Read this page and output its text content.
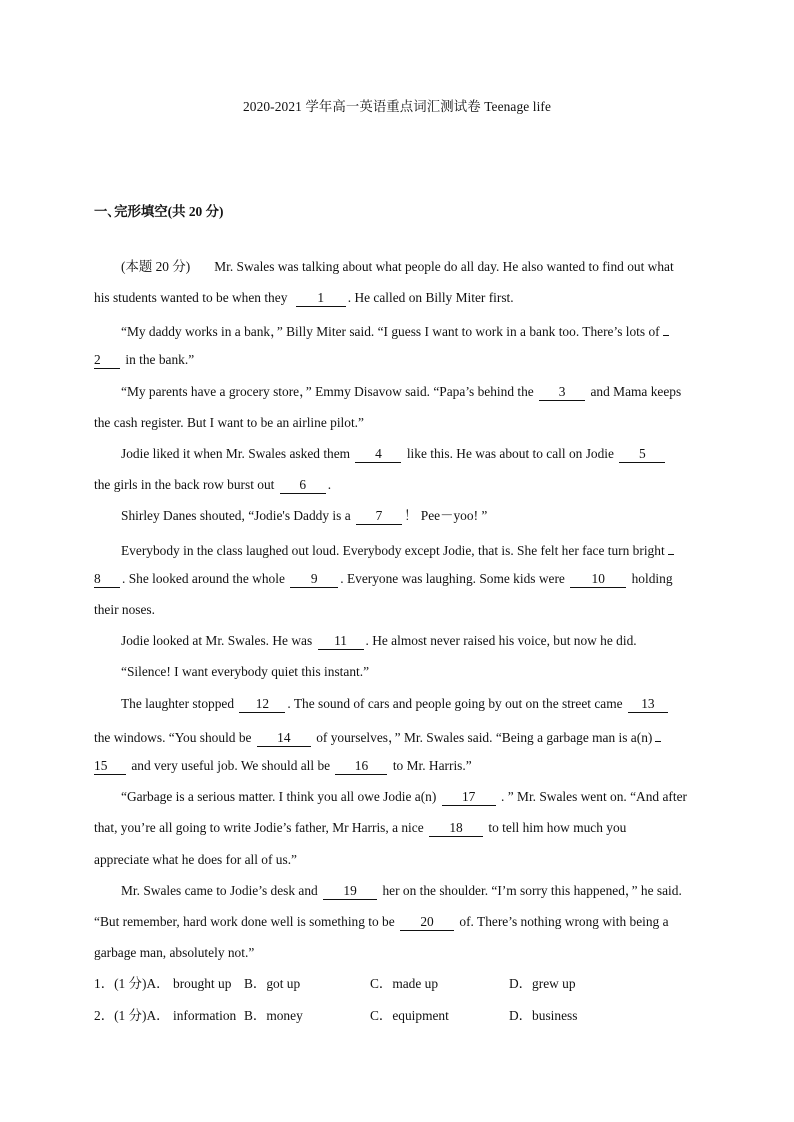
2020-2021 学年高一英语重点词汇测试卷 Teenage life
一､完形填空(共 20 分)
(本题 20 分) Mr. Swales was talking about what people do all day. He also wanted to find out what
his students wanted to be when they 1 . He called on Billy Miter first.
“My daddy works in a bank，” Billy Miter said. “I guess I want to work in a bank too. There’s lots of
2 in the bank.”
“My parents have a grocery store，” Emmy Disavow said. “Papa’s behind the 3 and Mama keeps
the cash register. But I want to be an airline pilot.”
Jodie liked it when Mr. Swales asked them 4 like this. He was about to call on Jodie 5
the girls in the back row burst out 6 .
Shirley Danes shouted, “Jodie's Daddy is a 7 ！ Pee－yoo! ”
Everybody in the class laughed out loud. Everybody except Jodie, that is. She felt her face turn bright
8 . She looked around the whole 9 . Everyone was laughing. Some kids were 10 holding
their noses.
Jodie looked at Mr. Swales. He was 11 . He almost never raised his voice, but now he did.
“Silence! I want everybody quiet this instant.”
The laughter stopped 12 . The sound of cars and people going by out on the street came 13
the windows. “You should be 14 of yourselves，” Mr. Swales said. “Being a garbage man is a(n)
15 and very useful job. We should all be 16 to Mr. Harris.”
“Garbage is a serious matter. I think you all owe Jodie a(n) 17 . ” Mr. Swales went on. “And after
that, you’re all going to write Jodie’s father, Mr Harris, a nice 18 to tell him how much you
appreciate what he does for all of us.”
Mr. Swales came to Jodie’s desk and 19 her on the shoulder. “I’m sorry this happened，” he said.
“But remember, hard work done well is something to be 20 of. There’s nothing wrong with being a
garbage man, absolutely not.”
1．(1 分)A． brought up B．got up	C．made up	D．grew up
2．(1 分)A． information B．money	C．equipment	D．business
